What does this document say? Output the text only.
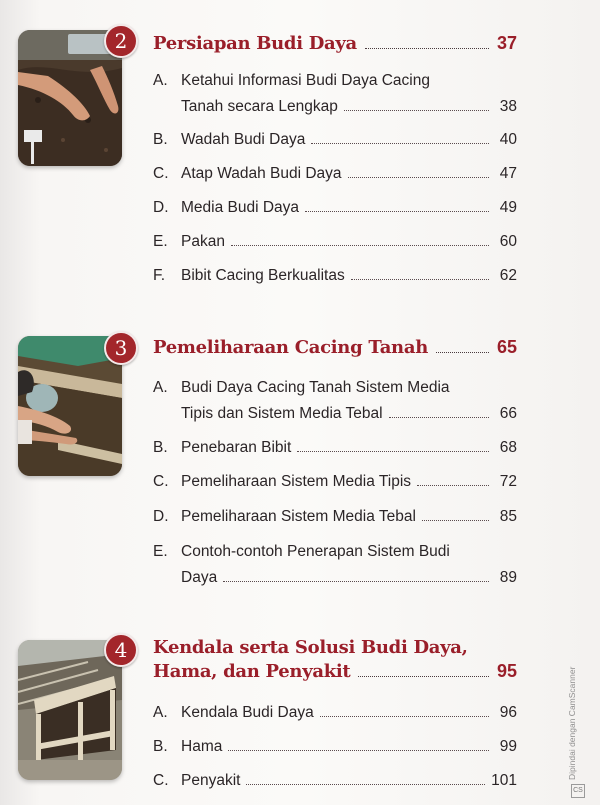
2	Persiapan Budi Daya	37
A. Ketahui Informasi Budi Daya Cacing
Tanah secara Lengkap	38
B. Wadah Budi Daya	40
C. Atap Wadah Budi Daya	47
D. Media Budi Daya	49
E. Pakan	60
F. Bibit Cacing Berkualitas	62
3	Pemeliharaan Cacing Tanah	65
A. Budi Daya Cacing Tanah Sistem Media
Tipis dan Sistem Media Tebal	66
B. Penebaran Bibit	68
C. Pemeliharaan Sistem Media Tipis	72
D. Pemeliharaan Sistem Media Tebal	85
E. Contoh-contoh Penerapan Sistem Budi
Daya	89
4	Kendala serta Solusi Budi Daya,
Hama, dan Penyakit	95
A. Kendala Budi Daya	96
B. Hama	99
C. Penyakit	101
CS
Dipindai dengan CamScanner
